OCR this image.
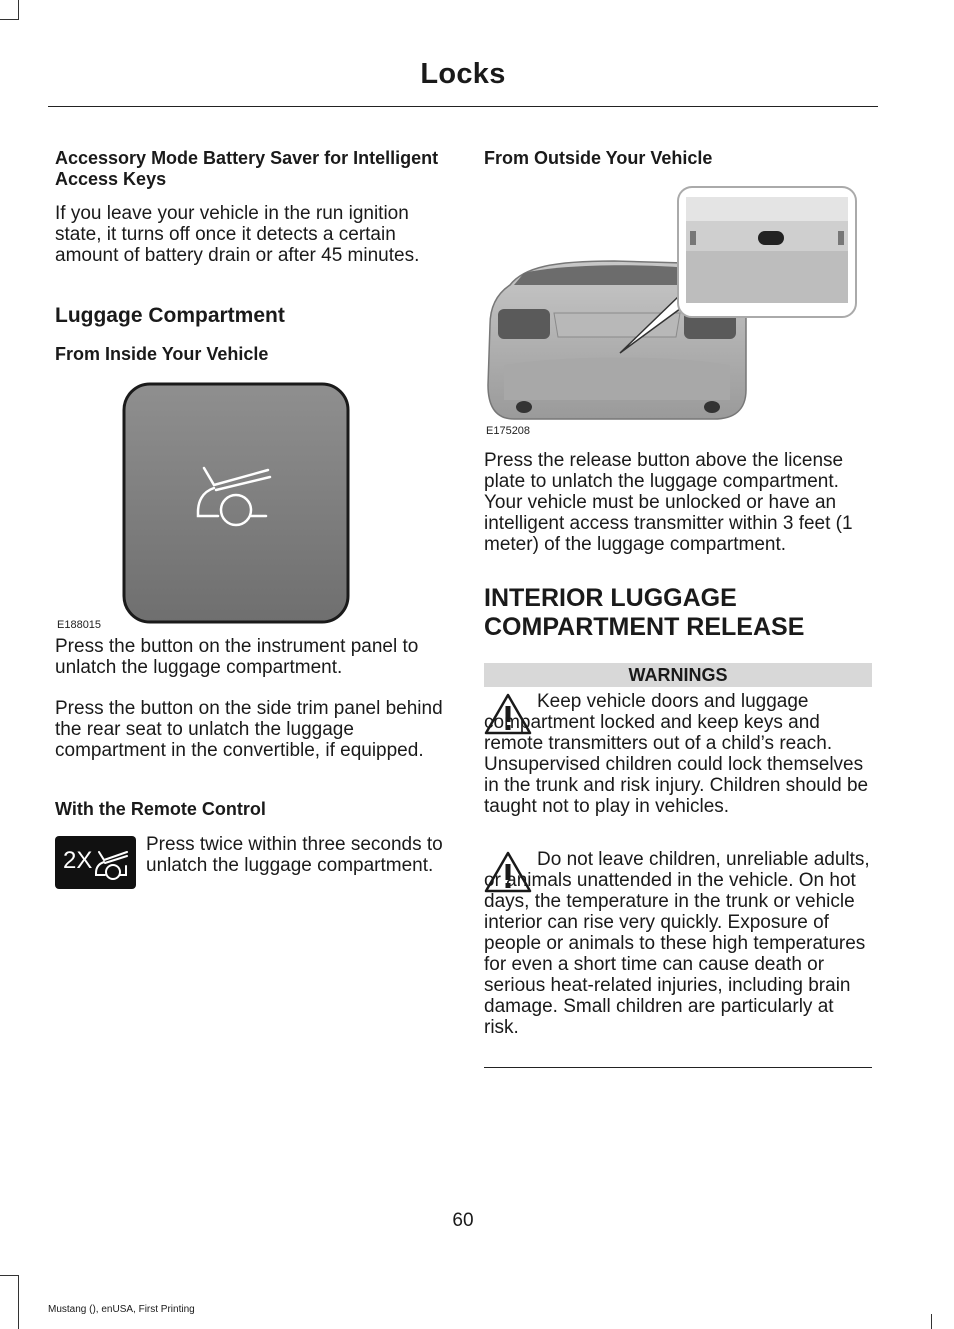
Locks
Accessory Mode Battery Saver for Intelligent Access Keys
If you leave your vehicle in the run ignition state, it turns off once it detects a certain amount of battery drain or after 45 minutes.
Luggage Compartment
From Inside Your Vehicle
E188015
Press the button on the instrument panel to unlatch the luggage compartment.
Press the button on the side trim panel behind the rear seat to unlatch the luggage compartment in the convertible, if equipped.
With the Remote Control
2X
Press twice within three seconds to unlatch the luggage compartment.
From Outside Your Vehicle
E175208
Press the release button above the license plate to unlatch the luggage compartment. Your vehicle must be unlocked or have an intelligent access transmitter within 3 feet (1 meter) of the luggage compartment.
INTERIOR LUGGAGE COMPARTMENT RELEASE
WARNINGS
Keep vehicle doors and luggage compartment locked and keep keys and remote transmitters out of a child’s reach. Unsupervised children could lock themselves in the trunk and risk injury. Children should be taught not to play in vehicles.
Do not leave children, unreliable adults, or animals unattended in the vehicle. On hot days, the temperature in the trunk or vehicle interior can rise very quickly. Exposure of people or animals to these high temperatures for even a short time can cause death or serious heat-related injuries, including brain damage. Small children are particularly at risk.
60
Mustang (), enUSA, First Printing
